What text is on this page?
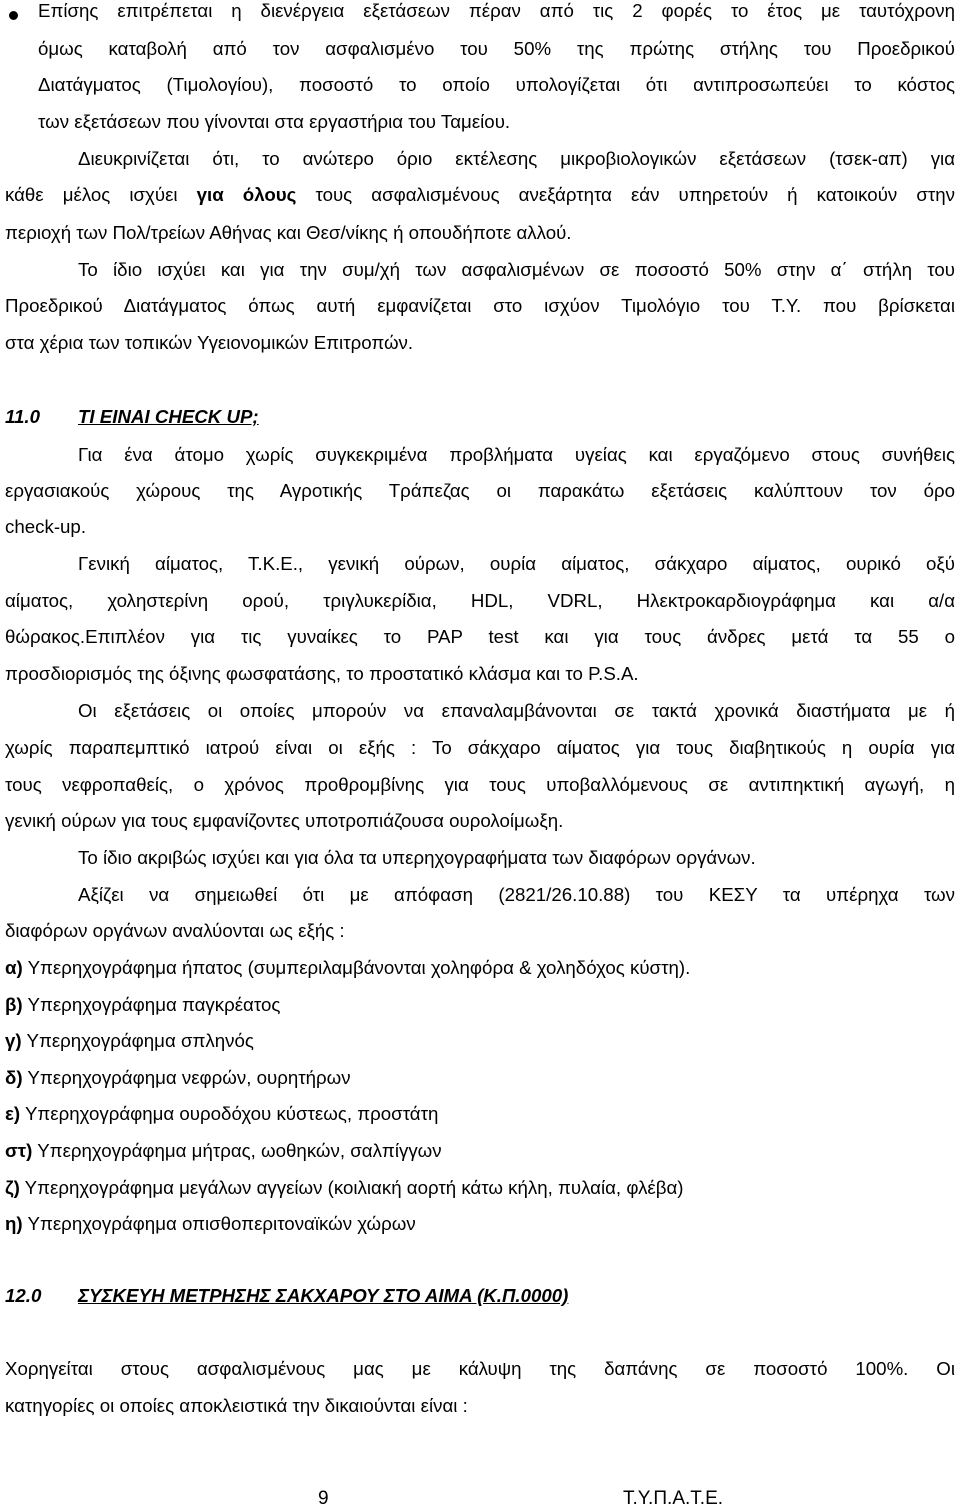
Επίσης επιτρέπεται η διενέργεια εξετάσεων πέραν από τις 2 φορές το έτος με ταυτόχρονη
όμως καταβολή από τον ασφαλισμένο του 50% της πρώτης στήλης του Προεδρικού
Διατάγματος (Τιμολογίου), ποσοστό το οποίο υπολογίζεται ότι αντιπροσωπεύει το κόστος
των εξετάσεων που γίνονται στα εργαστήρια του Ταμείου.
Διευκρινίζεται ότι, το ανώτερο όριο εκτέλεσης μικροβιολογικών εξετάσεων (τσεκ-απ) για
κάθε μέλος ισχύει για όλους τους ασφαλισμένους ανεξάρτητα εάν υπηρετούν ή κατοικούν στην
περιοχή των Πολ/τρείων Αθήνας και Θεσ/νίκης ή οπουδήποτε αλλού.
Το ίδιο ισχύει και για την συμ/χή των ασφαλισμένων σε ποσοστό 50% στην α΄ στήλη του
Προεδρικού Διατάγματος όπως αυτή εμφανίζεται στο ισχύον Τιμολόγιο του Τ.Υ. που βρίσκεται
στα χέρια των τοπικών Υγειονομικών Επιτροπών.
11.0 ΤΙ ΕΙΝΑΙ CHECK UP;
Για ένα άτομο χωρίς συγκεκριμένα προβλήματα υγείας και εργαζόμενο στους συνήθεις
εργασιακούς χώρους της Αγροτικής Τράπεζας οι παρακάτω εξετάσεις καλύπτουν τον όρο
check-up.
Γενική αίματος, Τ.Κ.Ε., γενική ούρων, ουρία αίματος, σάκχαρο αίματος, ουρικό οξύ
αίματος, χοληστερίνη ορού, τριγλυκερίδια, HDL, VDRL, Ηλεκτροκαρδιογράφημα και α/α
θώρακος.Επιπλέον για τις γυναίκες το PAP test και για τους άνδρες μετά τα 55 ο
προσδιορισμός της όξινης φωσφατάσης, το προστατικό κλάσμα και το P.S.A.
Οι εξετάσεις οι οποίες μπορούν να επαναλαμβάνονται σε τακτά χρονικά διαστήματα με ή
χωρίς παραπεμπτικό ιατρού είναι οι εξής : Το σάκχαρο αίματος για τους διαβητικούς η ουρία για
τους νεφροπαθείς, ο χρόνος προθρομβίνης για τους υποβαλλόμενους σε αντιπηκτική αγωγή, η
γενική ούρων για τους εμφανίζοντες υποτροπιάζουσα ουρολοίμωξη.
Το ίδιο ακριβώς ισχύει και για όλα τα υπερηχογραφήματα των διαφόρων οργάνων.
Αξίζει να σημειωθεί ότι με απόφαση (2821/26.10.88) του ΚΕΣΥ τα υπέρηχα των
διαφόρων οργάνων αναλύονται ως εξής :
α) Υπερηχογράφημα ήπατος (συμπεριλαμβάνονται χοληφόρα & χοληδόχος κύστη).
β) Υπερηχογράφημα παγκρέατος
γ) Υπερηχογράφημα σπληνός
δ) Υπερηχογράφημα νεφρών, ουρητήρων
ε) Υπερηχογράφημα ουροδόχου κύστεως, προστάτη
στ) Υπερηχογράφημα μήτρας, ωοθηκών, σαλπίγγων
ζ) Υπερηχογράφημα μεγάλων αγγείων (κοιλιακή αορτή κάτω κήλη, πυλαία, φλέβα)
η) Υπερηχογράφημα οπισθοπεριτοναϊκών χώρων
12.0 ΣΥΣΚΕΥΗ ΜΕΤΡΗΣΗΣ ΣΑΚΧΑΡΟΥ ΣΤΟ ΑΙΜΑ (Κ.Π.0000)
Χορηγείται στους ασφαλισμένους μας με κάλυψη της δαπάνης σε ποσοστό 100%. Οι
κατηγορίες οι οποίες αποκλειστικά την δικαιούνται είναι :
9	Τ.Υ.Π.Α.Τ.Ε.
